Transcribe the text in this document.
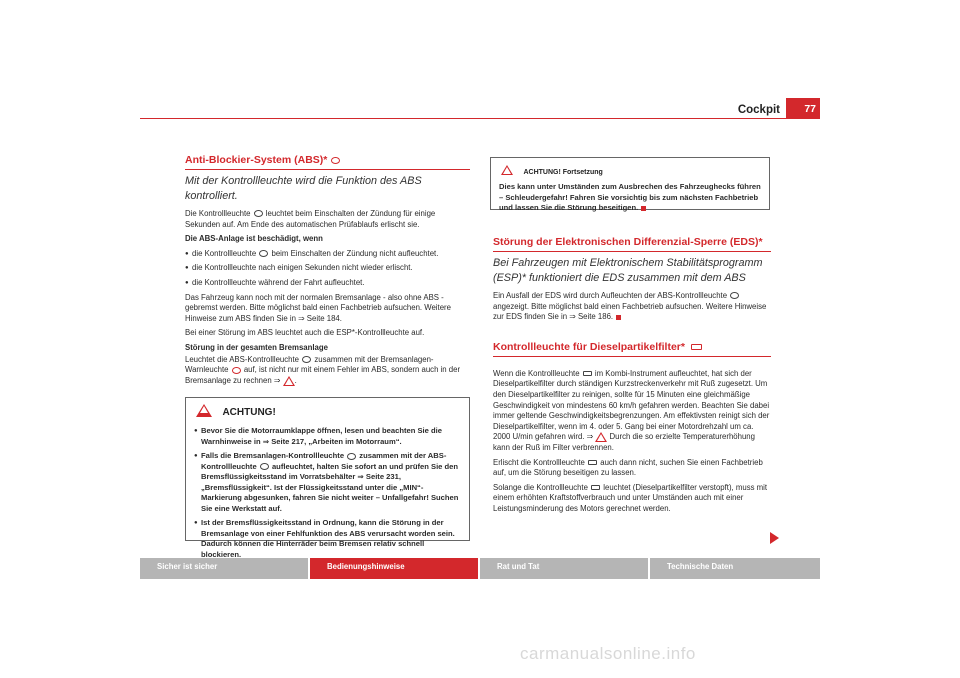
Cockpit	77
Anti-Blockier-System (ABS)*
Mit der Kontrollleuchte wird die Funktion des ABS kontrolliert.

Die Kontrollleuchte leuchtet beim Einschalten der Zündung für einige Sekunden auf. Am Ende des automatischen Prüfablaufs erlischt sie.

Die ABS-Anlage ist beschädigt, wenn

● die Kontrollleuchte beim Einschalten der Zündung nicht aufleuchtet.
● die Kontrollleuchte nach einigen Sekunden nicht wieder erlischt.
● die Kontrollleuchte während der Fahrt aufleuchtet.

Das Fahrzeug kann noch mit der normalen Bremsanlage - also ohne ABS - gebremst werden. Bitte möglichst bald einen Fachbetrieb aufsuchen. Weitere Hinweise zum ABS finden Sie in ⇒ Seite 184.

Bei einer Störung im ABS leuchtet auch die ESP*-Kontrollleuchte auf.

Störung in der gesamten Bremsanlage

Leuchtet die ABS-Kontrollleuchte zusammen mit der Bremsanlagen-Warnleuchte auf, ist nicht nur mit einem Fehler im ABS, sondern auch in der Bremsanlage zu rechnen ⇒ .

ACHTUNG!
● Bevor Sie die Motorraumklappe öffnen, lesen und beachten Sie die Warnhinweise in ⇒ Seite 217, „Arbeiten im Motorraum“.
● Falls die Bremsanlagen-Kontrollleuchte zusammen mit der ABS-Kontrollleuchte aufleuchtet, halten Sie sofort an und prüfen Sie den Bremsflüssigkeitsstand im Vorratsbehälter ⇒ Seite 231, „Bremsflüssigkeit“. Ist der Flüssigkeitsstand unter die „MIN“-Markierung abgesunken, fahren Sie nicht weiter – Unfallgefahr! Suchen Sie eine Werkstatt auf.
● Ist der Bremsflüssigkeitsstand in Ordnung, kann die Störung in der Bremsanlage von einer Fehlfunktion des ABS verursacht worden sein. Dadurch können die Hinterräder beim Bremsen relativ schnell blockieren.
ACHTUNG! Fortsetzung
Dies kann unter Umständen zum Ausbrechen des Fahrzeughecks führen – Schleudergefahr! Fahren Sie vorsichtig bis zum nächsten Fachbetrieb und lassen Sie die Störung beseitigen.
Störung der Elektronischen Differenzial-Sperre (EDS)*
Bei Fahrzeugen mit Elektronischem Stabilitätsprogramm (ESP)* funktioniert die EDS zusammen mit dem ABS

Ein Ausfall der EDS wird durch Aufleuchten der ABS-Kontrollleuchte  angezeigt. Bitte möglichst bald einen Fachbetrieb aufsuchen. Weitere Hinweise zur EDS finden Sie in ⇒ Seite 186.

Kontrollleuchte für Dieselpartikelfilter*

Wenn die Kontrollleuchte im Kombi-Instrument aufleuchtet, hat sich der Dieselpartikelfilter durch ständigen Kurzstreckenverkehr mit Ruß zugesetzt. Um den Dieselpartikelfilter zu reinigen, sollte für 15 Minuten eine gleichmäßige Geschwindigkeit von mindestens 60 km/h gefahren werden. Beachten Sie dabei immer geltende Geschwindigkeitsbegrenzungen. Am effektivsten reinigt sich der Dieselpartikelfilter, wenn im 4. oder 5. Gang bei einer Motordrehzahl um ca. 2000 U/min gefahren wird. ⇒ Durch die so erzielte Temperaturerhöhung kann der Ruß im Filter verbrennen.

Erlischt die Kontrollleuchte auch dann nicht, suchen Sie einen Fachbetrieb auf, um die Störung beseitigen zu lassen.

Solange die Kontrollleuchte leuchtet (Dieselpartikelfilter verstopft), muss mit einem erhöhten Kraftstoffverbrauch und unter Umständen auch mit einer Leistungsminderung des Motors gerechnet werden.

Sicher ist sicher	Bedienungshinweise	Rat und Tat	Technische Daten
carmanualsonline.info
